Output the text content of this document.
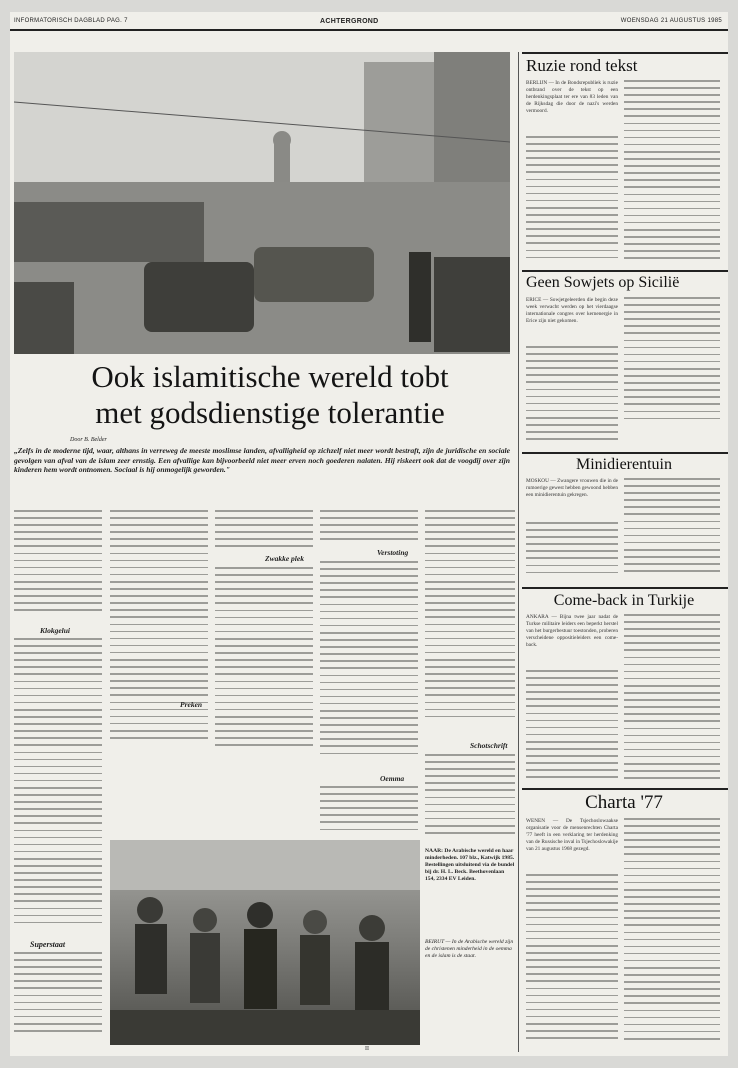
INFORMATORISCH DAGBLAD PAG. 7	ACHTERGROND	WOENSDAG 21 AUGUSTUS 1985
Ook islamitische wereld tobt
met godsdienstige tolerantie
Door B. Belder
„Zelfs in de moderne tijd, waar, althans in verreweg de meeste moslimse landen, afvalligheid op zichzelf niet meer wordt bestraft, zijn de juridische en sociale gevolgen van afval van de islam zeer ernstig. Een afvallige kan bijvoorbeeld niet meer erven noch goederen nalaten. Hij riskeert ook dat de voogdij over zijn kinderen hem wordt ontnomen. Sociaal is hij onmogelijk geworden."
Klokgelui
Superstaat
Preken
Zwakke plek
Verstoting
Oemma
Schotschrift
NAAR: De Arabische wereld en haar minderheden. 107 blz., Katwijk 1985. Bestellingen uitsluitend via de bundel bij dr. H. L. Beck. Beethovenlaan 154, 2334 EV Leiden.
BEIRUT — In de Arabische wereld zijn de christenen minderheid in de oemma en de islam is de staat.
Ruzie rond tekst
BERLIJN — In de Bondsrepubliek is ruzie ontbrand over de tekst op een herdenkingsplaat ter ere van 83 leden van de Rijksdag die door de nazi's werden vermoord.
Geen Sowjets op Sicilië
ERICE — Sowjetgeleerden die begin deze week verwacht werden op het vierdaagse internationale congres over kernenergie in Erice zijn niet gekomen.
Minidierentuin
MOSKOU — Zwangere vrouwen die in de rumoerige gewest hebben gewoond hebben een minidierentuin gekregen.
Come-back in Turkije
ANKARA — Bijna twee jaar nadat de Turkse militaire leiders een beperkt herstel van het burgerbestuur toestonden, proberen verscheidene oppositieleiders een come-back.
Charta '77
WENEN — De Tsjechoslowaakse organisatie voor de mensenrechten Charta '77 heeft in een verklaring ter herdenking van de Russische inval in Tsjechoslowakije van 21 augustus 1968 gezegd.
II
